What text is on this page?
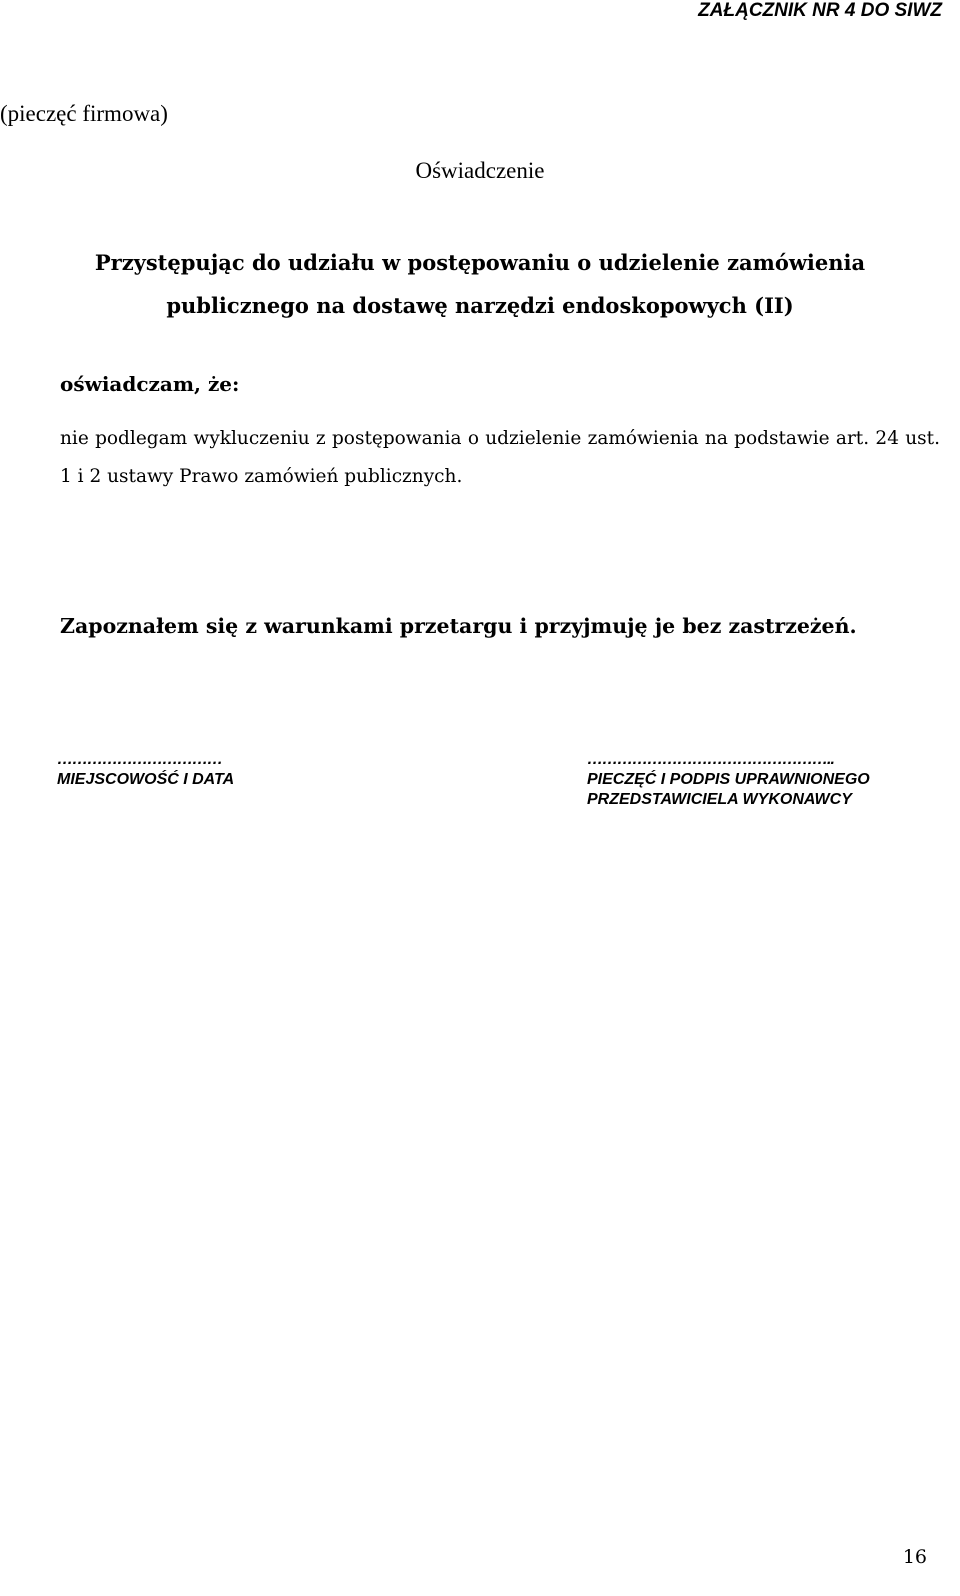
ZAŁĄCZNIK NR 4 DO SIWZ
(pieczęć firmowa)
Oświadczenie
Przystępując do udziału w postępowaniu o udzielenie zamówienia
publicznego na dostawę narzędzi endoskopowych (II)
oświadczam, że:
nie podlegam wykluczeniu z postępowania o udzielenie zamówienia na podstawie art. 24 ust. 1 i 2 ustawy Prawo zamówień publicznych.
Zapoznałem się z warunkami przetargu i przyjmuję je bez zastrzeżeń.
……………………………
MIEJSCOWOŚĆ I DATA
…………………………………………..
PIECZĘĆ I PODPIS UPRAWNIONEGO
PRZEDSTAWICIELA WYKONAWCY
16
